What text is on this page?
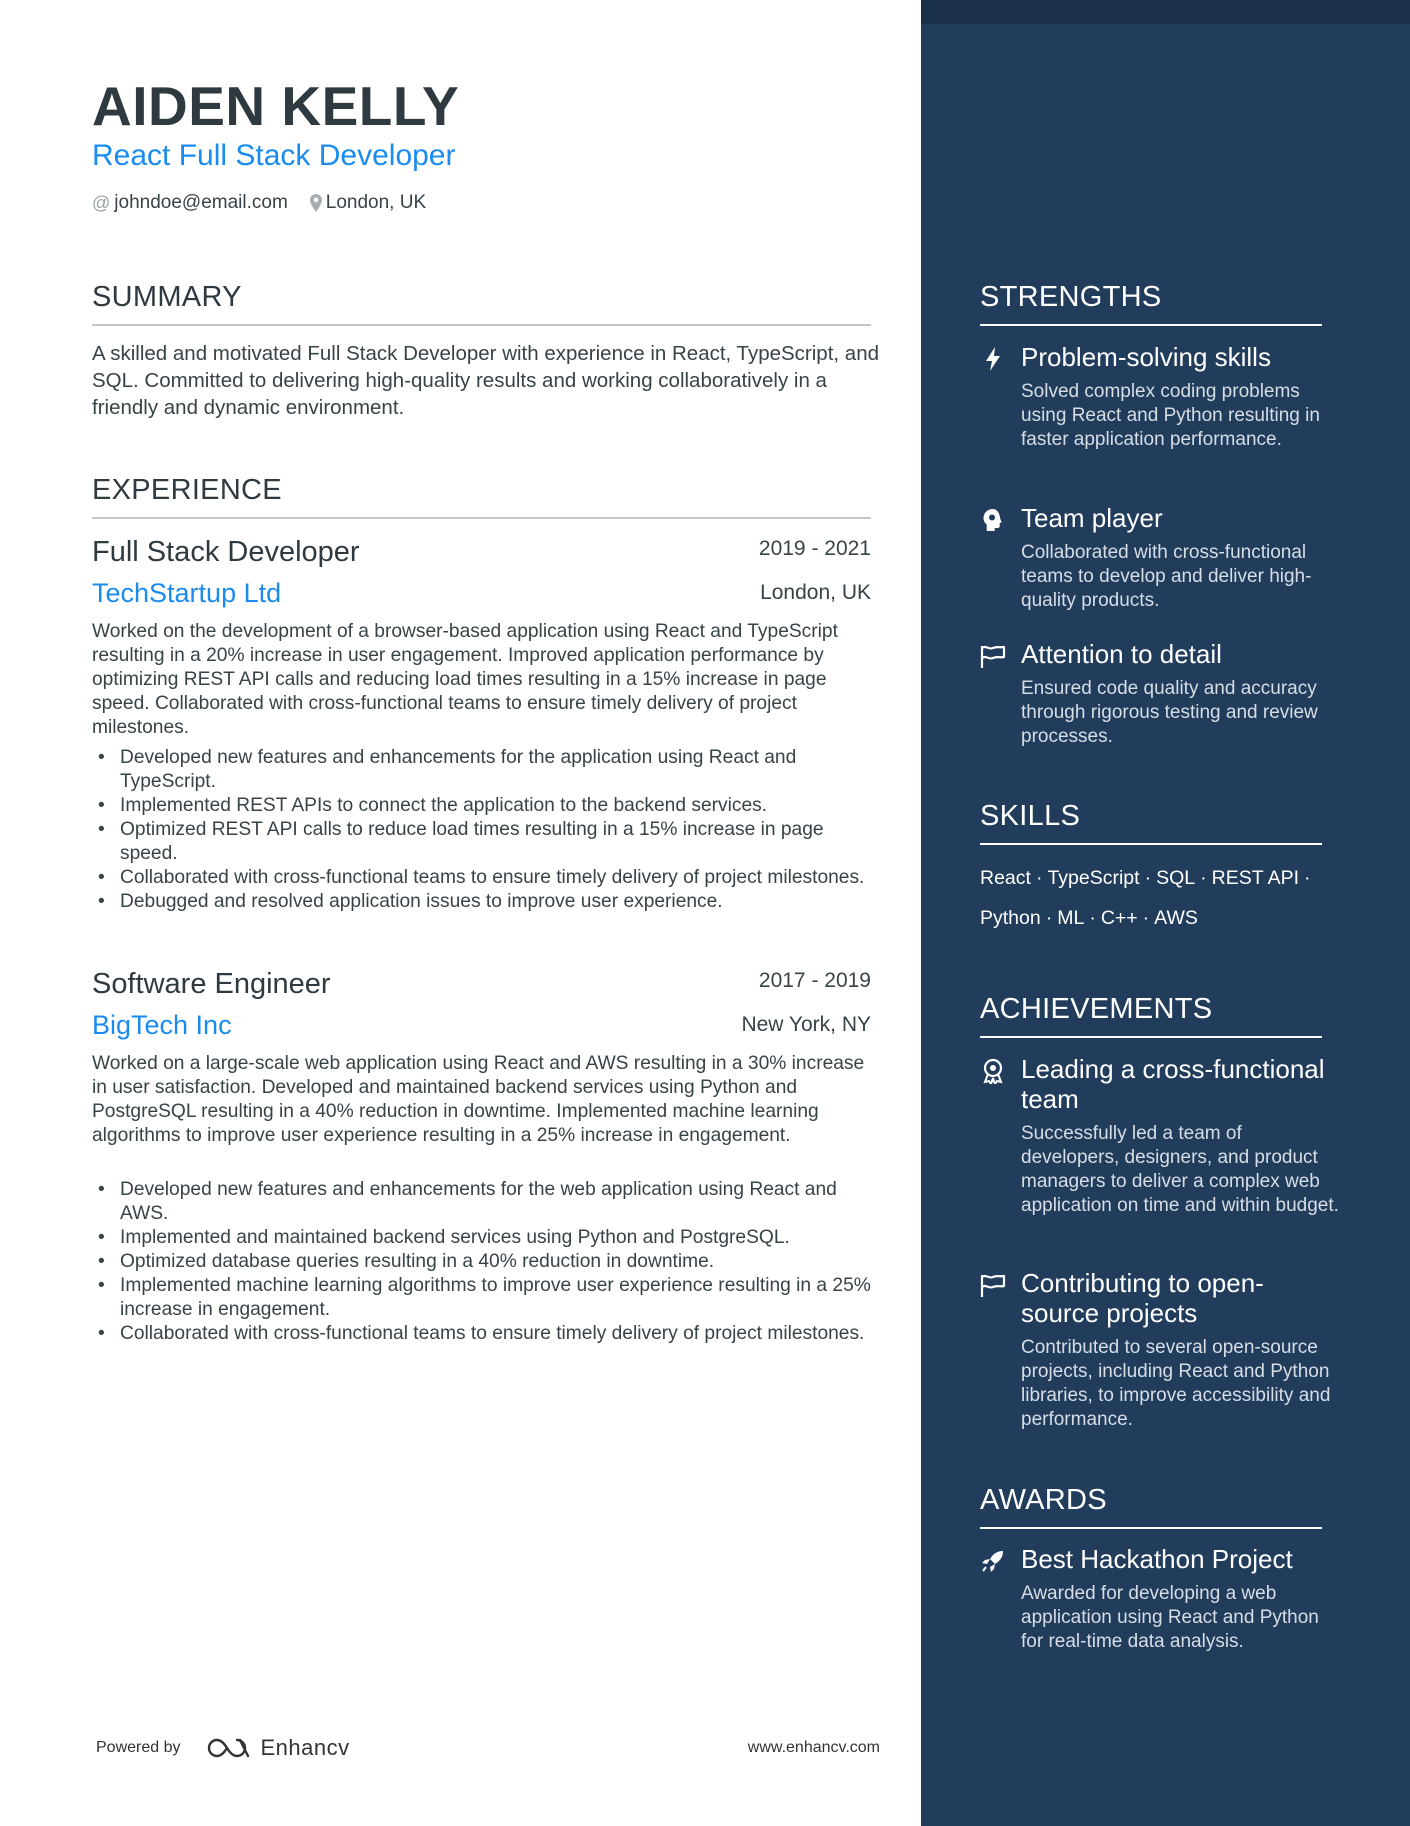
AIDEN KELLY
React Full Stack Developer
@ johndoe@email.com London, UK
SUMMARY
A skilled and motivated Full Stack Developer with experience in React, TypeScript, and SQL. Committed to delivering high-quality results and working collaboratively in a friendly and dynamic environment.
EXPERIENCE
Full Stack Developer	2019 - 2021
TechStartup Ltd	London, UK
Worked on the development of a browser-based application using React and TypeScript resulting in a 20% increase in user engagement. Improved application performance by optimizing REST API calls and reducing load times resulting in a 15% increase in page speed. Collaborated with cross-functional teams to ensure timely delivery of project milestones.
• Developed new features and enhancements for the application using React and TypeScript.
• Implemented REST APIs to connect the application to the backend services.
• Optimized REST API calls to reduce load times resulting in a 15% increase in page speed.
• Collaborated with cross-functional teams to ensure timely delivery of project milestones.
• Debugged and resolved application issues to improve user experience.
Software Engineer	2017 - 2019
BigTech Inc	New York, NY
Worked on a large-scale web application using React and AWS resulting in a 30% increase in user satisfaction. Developed and maintained backend services using Python and PostgreSQL resulting in a 40% reduction in downtime. Implemented machine learning algorithms to improve user experience resulting in a 25% increase in engagement.
• Developed new features and enhancements for the web application using React and AWS.
• Implemented and maintained backend services using Python and PostgreSQL.
• Optimized database queries resulting in a 40% reduction in downtime.
• Implemented machine learning algorithms to improve user experience resulting in a 25% increase in engagement.
• Collaborated with cross-functional teams to ensure timely delivery of project milestones.
Powered by	Enhancv	www.enhancv.com
STRENGTHS
Problem-solving skills
Solved complex coding problems using React and Python resulting in faster application performance.
Team player
Collaborated with cross-functional teams to develop and deliver high-quality products.
Attention to detail
Ensured code quality and accuracy through rigorous testing and review processes.
SKILLS
React · TypeScript · SQL · REST API ·
Python · ML · C++ · AWS
ACHIEVEMENTS
Leading a cross-functional team
Successfully led a team of developers, designers, and product managers to deliver a complex web application on time and within budget.
Contributing to open-source projects
Contributed to several open-source projects, including React and Python libraries, to improve accessibility and performance.
AWARDS
Best Hackathon Project
Awarded for developing a web application using React and Python for real-time data analysis.
